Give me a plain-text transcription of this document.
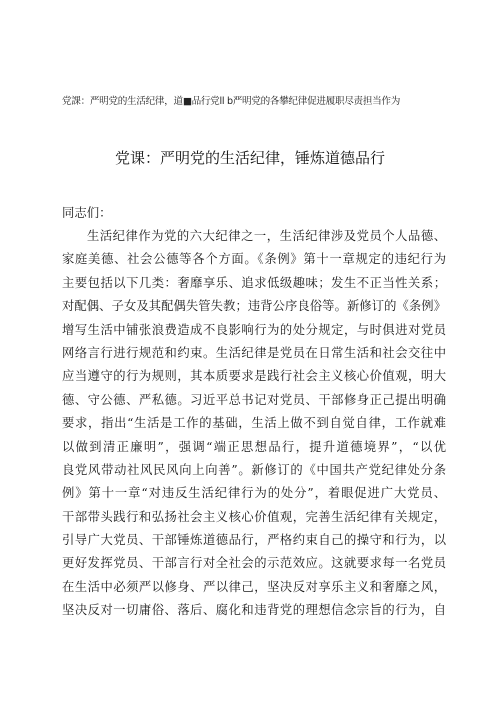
党課：严明党的生活纪律，道■品行党ll b严明党的各攀纪律促进履职尽责担当作为
党课：严明党的生活纪律，锤炼道德品行
同志们：
生活纪律作为党的六大纪律之一，生活纪律涉及党员个人品德、
家庭美德、社会公德等各个方面。《条例》第十一章规定的违纪行为
主要包括以下几类：奢靡享乐、追求低级趣味；发生不正当性关系；
对配偶、子女及其配偶失管失教；违背公序良俗等。新修订的《条例》
增写生活中铺张浪费造成不良影响行为的处分规定，与时俱进对党员
网络言行进行规范和约束。生活纪律是党员在日常生活和社会交往中
应当遵守的行为规则，其本质要求是践行社会主义核心价值观，明大
德、守公德、严私德。习近平总书记对党员、干部修身正己提出明确
要求，指出“生活是工作的基础，生活上做不到自觉自律，工作就难
以做到清正廉明”，强调“端正思想品行，提升道德境界”，“以优
良党风带动社风民风向上向善”。新修订的《中国共产党纪律处分条
例》第十一章“对违反生活纪律行为的处分”，着眼促进广大党员、
干部带头践行和弘扬社会主义核心价值观，完善生活纪律有关规定，
引导广大党员、干部锤炼道德品行，严格约束自己的操守和行为，以
更好发挥党员、干部言行对全社会的示范效应。这就要求每一名党员
在生活中必须严以修身、严以律己，坚决反对享乐主义和奢靡之风，
坚决反对一切庸俗、落后、腐化和违背党的理想信念宗旨的行为，自
